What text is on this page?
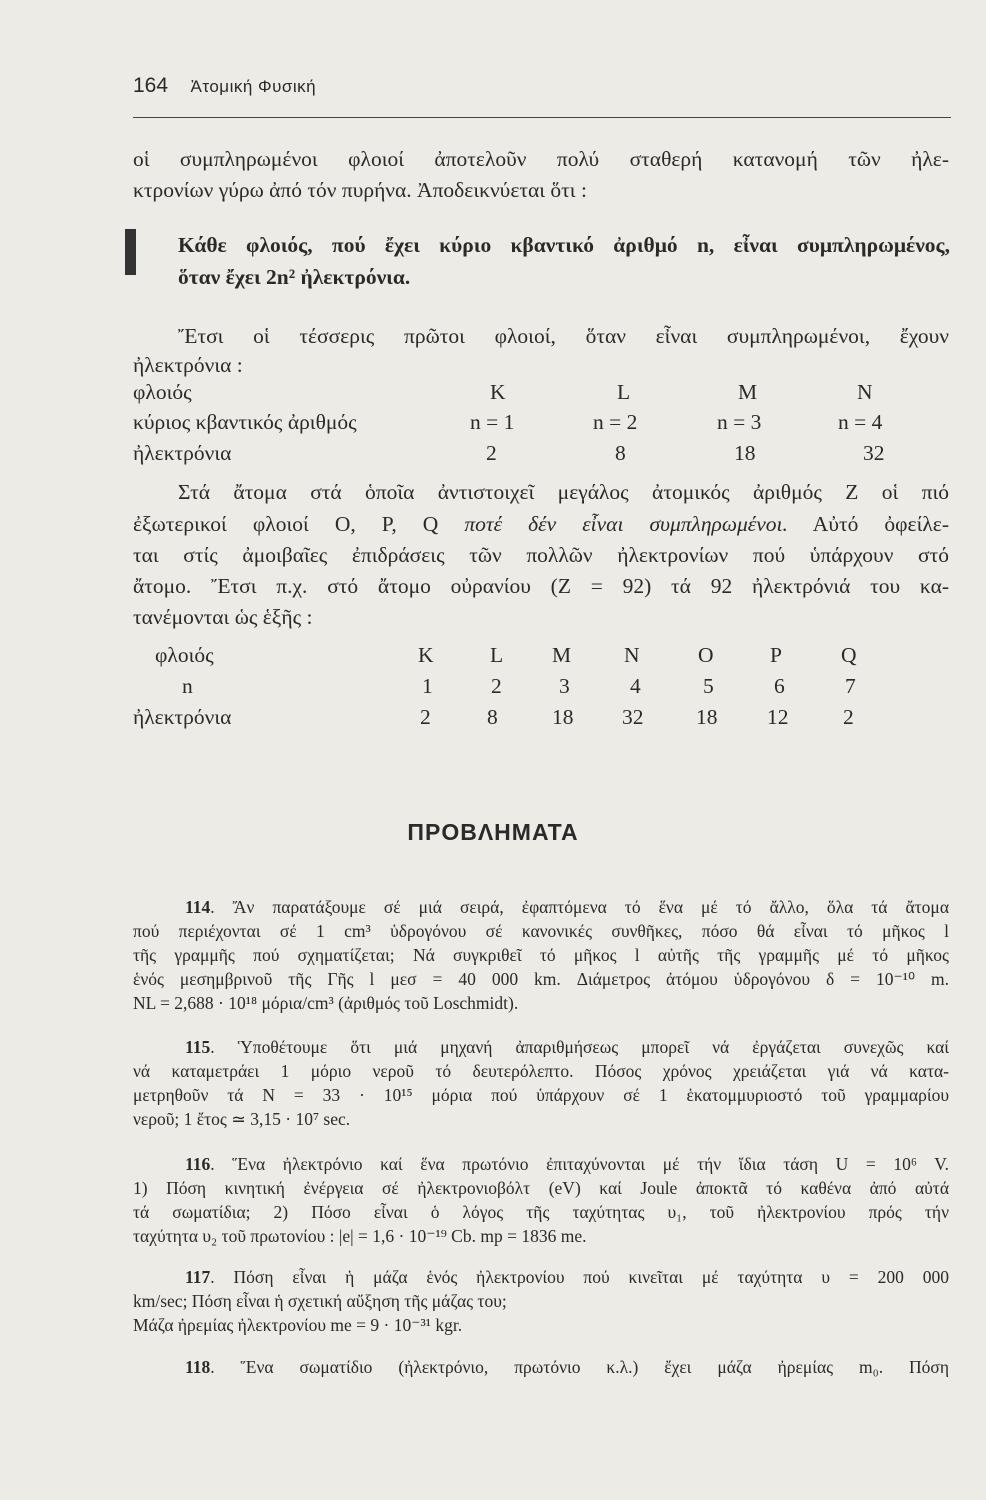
164 Ἀτομική Φυσική
οἱ συμπληρωμένοι φλοιοί ἀποτελοῦν πολύ σταθερή κατανομή τῶν ἠλε-
κτρονίων γύρω ἀπό τόν πυρήνα. Ἀποδεικνύεται ὅτι :
Κάθε φλοιός, πού ἔχει κύριο κβαντικό ἀριθμό n, εἶναι συμπληρωμένος,
ὅταν ἔχει 2n² ἠλεκτρόνια.
Ἔτσι οἱ τέσσερις πρῶτοι φλοιοί, ὅταν εἶναι συμπληρωμένοι, ἔχουν
ἠλεκτρόνια :
φλοιός	K	L	M	N
κύριος κβαντικός ἀριθμός	n = 1	n = 2	n = 3	n = 4
ἠλεκτρόνια	2	8	18	32
Στά ἄτομα στά ὁποῖα ἀντιστοιχεῖ μεγάλος ἀτομικός ἀριθμός Z οἱ πιό
ἐξωτερικοί φλοιοί O, P, Q ποτέ δέν εἶναι συμπληρωμένοι. Αὐτό ὀφείλε-
ται στίς ἀμοιβαῖες ἐπιδράσεις τῶν πολλῶν ἠλεκτρονίων πού ὑπάρχουν στό
ἄτομο. Ἔτσι π.χ. στό ἄτομο οὐρανίου (Z = 92) τά 92 ἠλεκτρόνιά του κα-
τανέμονται ὡς ἑξῆς :
φλοιός	K	L M N	O	P	Q
n	1	2	3	4	5	6	7
ἠλεκτρόνια	2	8	18 32 18 12	2
ΠΡΟΒΛΗΜΑΤΑ

114. Ἄν παρατάξουμε σέ μιά σειρά, ἐφαπτόμενα τό ἕνα μέ τό ἄλλο, ὅλα τά ἄτομα

πού περιέχονται σέ 1 cm³ ὑδρογόνου σέ κανονικές συνθῆκες, πόσο θά εἶναι τό μῆκος l

τῆς γραμμῆς πού σχηματίζεται; Νά συγκριθεῖ τό μῆκος l αὐτῆς τῆς γραμμῆς μέ τό μῆκος

ἑνός μεσημβρινοῦ τῆς Γῆς l μεσ = 40 000 km. Διάμετρος ἀτόμου ὑδρογόνου δ = 10⁻¹⁰ m.

NL = 2,688 · 10¹⁸ μόρια/cm³ (ἀριθμός τοῦ Loschmidt).

115. Ὑποθέτουμε ὅτι μιά μηχανή ἀπαριθμήσεως μπορεῖ νά ἐργάζεται συνεχῶς καί

νά καταμετράει 1 μόριο νεροῦ τό δευτερόλεπτο. Πόσος χρόνος χρειάζεται γιά νά κατα-

μετρηθοῦν τά N = 33 · 10¹⁵ μόρια πού ὑπάρχουν σέ 1 ἑκατομμυριοστό τοῦ γραμμαρίου

νεροῦ; 1 ἔτος ≃ 3,15 · 10⁷ sec.

116. Ἕνα ἠλεκτρόνιο καί ἕνα πρωτόνιο ἐπιταχύνονται μέ τήν ἴδια τάση U = 10⁶ V.

1) Πόση κινητική ἐνέργεια σέ ἠλεκτρονιοβόλτ (eV) καί Joule ἀποκτᾶ τό καθένα ἀπό αὐτά

τά σωματίδια; 2) Πόσο εἶναι ὁ λόγος τῆς ταχύτητας υ₁, τοῦ ἠλεκτρονίου πρός τήν

ταχύτητα υ₂ τοῦ πρωτονίου : |e| = 1,6 · 10⁻¹⁹ Cb. mp = 1836 me.

117. Πόση εἶναι ἡ μάζα ἑνός ἠλεκτρονίου πού κινεῖται μέ ταχύτητα υ = 200 000

km/sec; Πόση εἶναι ἡ σχετική αὔξηση τῆς μάζας του;

Μάζα ἠρεμίας ἠλεκτρονίου me = 9 · 10⁻³¹ kgr.

118. Ἕνα σωματίδιο (ἠλεκτρόνιο, πρωτόνιο κ.λ.) ἔχει μάζα ἠρεμίας m₀. Πόση
